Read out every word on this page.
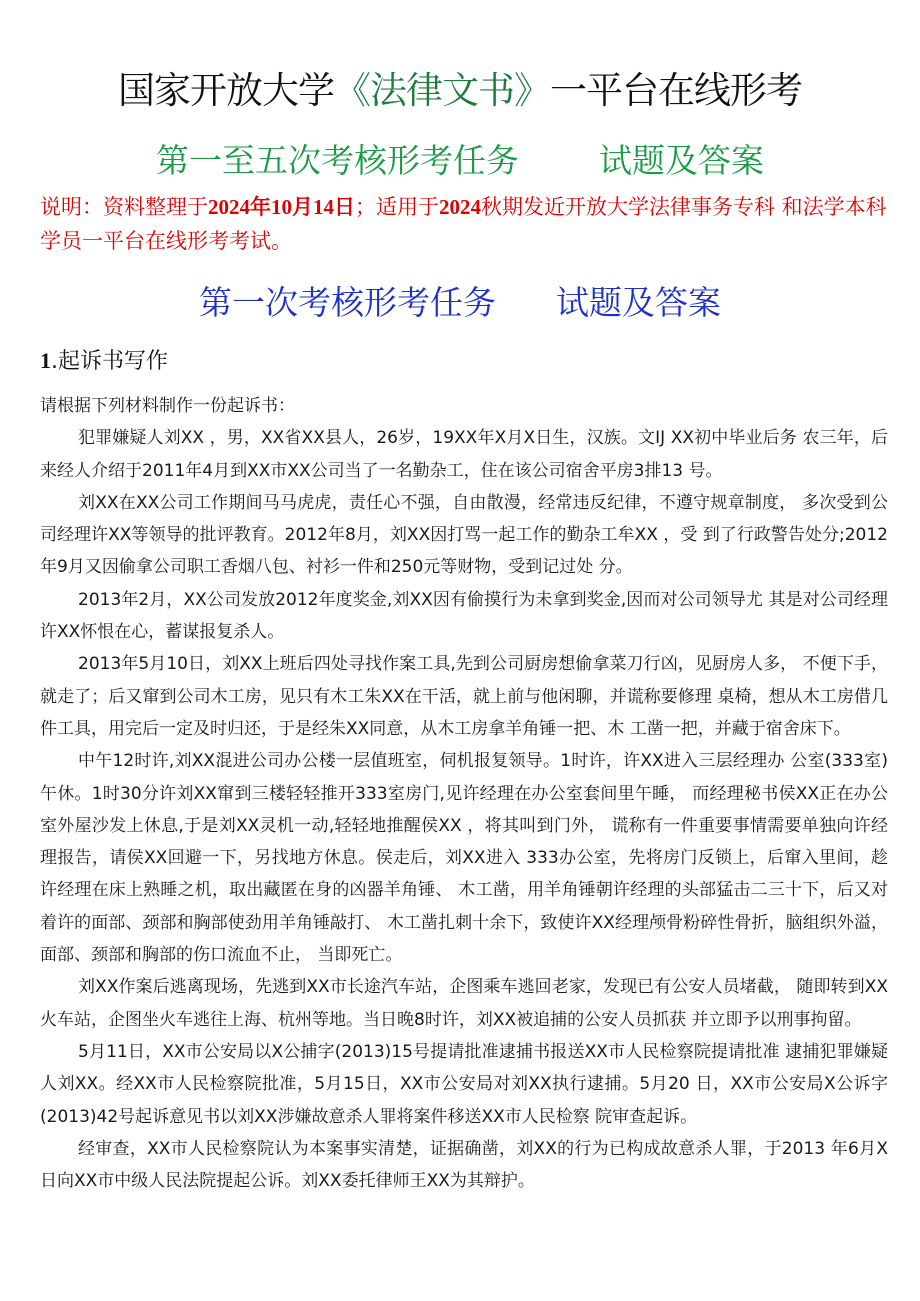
国家开放大学《法律文书》一平台在线形考
第一至五次考核形考任务 试题及答案

说明：资料整理于2024年10月14日；适用于2024秋期发近开放大学法律事务专科 和法学本科学员一平台在线形考考试。

第一次考核形考任务 试题及答案
1.起诉书写作

请根据下列材料制作一份起诉书：

犯罪嫌疑人刘XX ，男，XX省XX县人，26岁，19XX年X月X日生，汉族。文IJ XX初中毕业后务 农三年，后来经人介绍于2011年4月到XX市XX公司当了一名勤杂工，住在该公司宿舍平房3排13 号。

刘XX在XX公司工作期间马马虎虎，责任心不强，自由散漫，经常违反纪律，不遵守规章制度， 多次受到公司经理许XX等领导的批评教育。2012年8月，刘XX因打骂一起工作的勤杂工牟XX ，受 到了行政警告处分;2012年9月又因偷拿公司职工香烟八包、衬衫一件和250元等财物，受到记过处 分。

2013年2月，XX公司发放2012年度奖金,刘XX因有偷摸行为未拿到奖金,因而对公司领导尤 其是对公司经理许XX怀恨在心，蓄谋报复杀人。

2013年5月10日，刘XX上班后四处寻找作案工具,先到公司厨房想偷拿菜刀行凶，见厨房人多， 不便下手，就走了；后又窜到公司木工房，见只有木工朱XX在干活，就上前与他闲聊，并谎称要修理 桌椅，想从木工房借几件工具，用完后一定及时归还，于是经朱XX同意，从木工房拿羊角锤一把、木 工凿一把，并藏于宿舍床下。

中午12时许,刘XX混进公司办公楼一层值班室，伺机报复领导。1时许，许XX进入三层经理办 公室(333室)午休。1时30分许刘XX窜到三楼轻轻推开333室房门,见许经理在办公室套间里午睡， 而经理秘书侯XX正在办公室外屋沙发上休息,于是刘XX灵机一动,轻轻地推醒侯XX ，将其叫到门外， 谎称有一件重要事情需要单独向许经理报告，请侯XX回避一下，另找地方休息。侯走后，刘XX进入 333办公室，先将房门反锁上，后窜入里间，趁许经理在床上熟睡之机，取出藏匿在身的凶器羊角锤、 木工凿，用羊角锤朝许经理的头部猛击二三十下，后又对着许的面部、颈部和胸部使劲用羊角锤敲打、 木工凿扎刺十余下，致使许XX经理颅骨粉碎性骨折，脑组织外溢，面部、颈部和胸部的伤口流血不止， 当即死亡。

刘XX作案后逃离现场，先逃到XX市长途汽车站，企图乘车逃回老家，发现已有公安人员堵截， 随即转到XX火车站，企图坐火车逃往上海、杭州等地。当日晚8时许，刘XX被追捕的公安人员抓获 并立即予以刑事拘留。

5月11日，XX市公安局以X公捕字(2013)15号提请批准逮捕书报送XX市人民检察院提请批准 逮捕犯罪嫌疑人刘XX。经XX市人民检察院批准，5月15日，XX市公安局对刘XX执行逮捕。5月20 日，XX市公安局X公诉字(2013)42号起诉意见书以刘XX涉嫌故意杀人罪将案件移送XX市人民检察 院审查起诉。

经审查，XX市人民检察院认为本案事实清楚，证据确凿，刘XX的行为已构成故意杀人罪，于2013 年6月X日向XX市中级人民法院提起公诉。刘XX委托律师王XX为其辩护。
